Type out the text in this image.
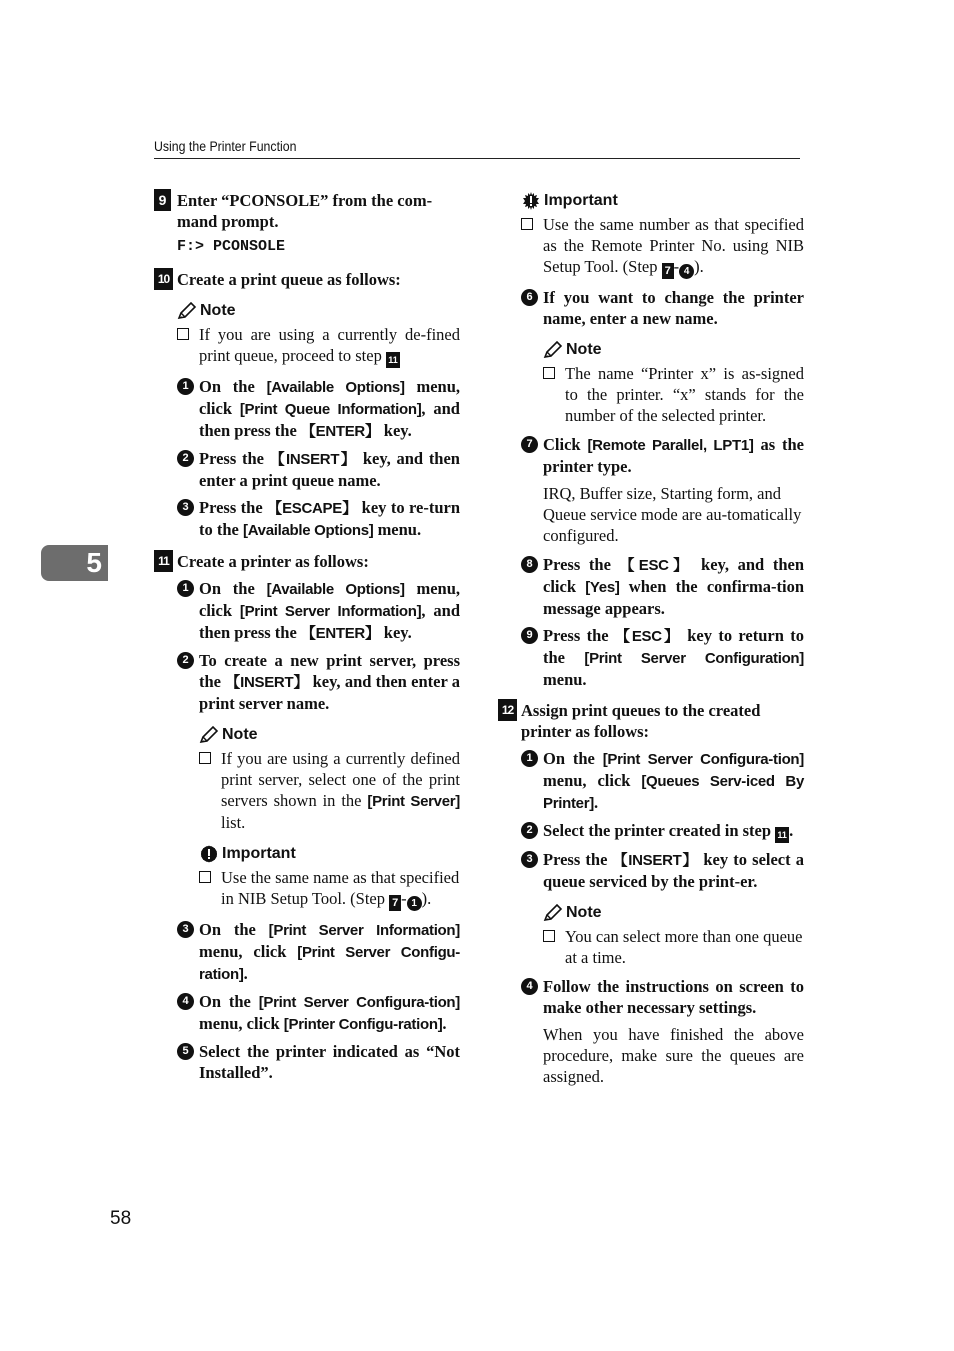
Using the Printer Function
5
58
9 Enter “PCONSOLE” from the com-mand prompt.
F:> PCONSOLE
10 Create a print queue as follows:
Note
If you are using a currently de-fined print queue, proceed to step 11
1 On the [Available Options] menu, click [Print Queue Information], and then press the 【ENTER】 key.
2 Press the 【INSERT】 key, and then enter a print queue name.
3 Press the 【ESCAPE】 key to re-turn to the [Available Options] menu.
11 Create a printer as follows:
1 On the [Available Options] menu, click [Print Server Information], and then press the 【ENTER】 key.
2 To create a new print server, press the 【INSERT】 key, and then enter a print server name.
Note
If you are using a currently defined print server, select one of the print servers shown in the [Print Server] list.
Important
Use the same name as that specified in NIB Setup Tool. (Step 7 - 1 ).
3 On the [Print Server Information] menu, click [Print Server Configu-ration].
4 On the [Print Server Configura-tion] menu, click [Printer Configu-ration].
5 Select the printer indicated as “Not Installed”.
Important
Use the same number as that specified as the Remote Printer No. using NIB Setup Tool. (Step 7 - 4 ).
6 If you want to change the printer name, enter a new name.
Note
The name “Printer x” is as-signed to the printer. “x” stands for the number of the selected printer.
7 Click [Remote Parallel, LPT1] as the printer type.
IRQ, Buffer size, Starting form, and Queue service mode are au-tomatically configured.
8 Press the 【ESC】 key, and then click [Yes] when the confirma-tion message appears.
9 Press the 【ESC】 key to return to the [Print Server Configuration] menu.
12 Assign print queues to the created printer as follows:
1 On the [Print Server Configura-tion] menu, click [Queues Serv-iced By Printer].
2 Select the printer created in step 11 .
3 Press the 【INSERT】 key to select a queue serviced by the print-er.
Note
You can select more than one queue at a time.
4 Follow the instructions on screen to make other necessary settings.
When you have finished the above procedure, make sure the queues are assigned.
